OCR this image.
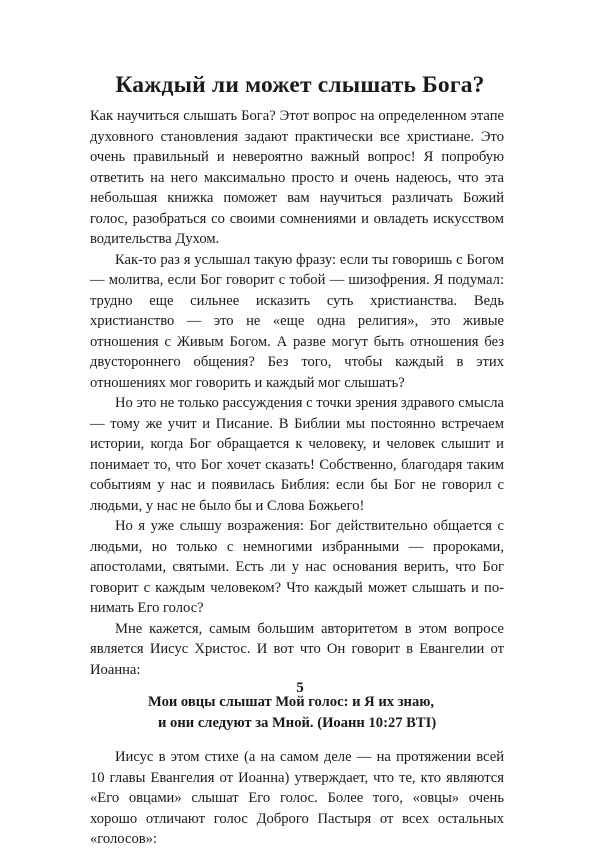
Каждый ли может слышать Бога?

Как научиться слышать Бога? Этот вопрос на определенном этапе духовного становления задают практически все христиане. Это очень правильный и невероятно важный вопрос! Я попробую ответить на него максимально просто и очень надеюсь, что эта небольшая книжка поможет вам научиться различать Божий голос, разобраться со своими сомнениями и овладеть искусством водительства Духом.

Как-то раз я услышал такую фразу: если ты говоришь с Богом — молитва, если Бог говорит с тобой — шизофрения. Я подумал: трудно еще сильнее исказить суть христианства. Ведь христианство — это не «еще одна религия», это живые отношения с Живым Богом. А разве могут быть отношения без двустороннего общения? Без того, чтобы каждый в этих отношениях мог говорить и каждый мог слышать?

Но это не только рассуждения с точки зрения здравого смысла — тому же учит и Писание. В Библии мы постоянно встречаем истории, когда Бог обращается к человеку, и человек слышит и понимает то, что Бог хочет сказать! Собственно, благодаря таким событиям у нас и появилась Библия: если бы Бог не говорил с людьми, у нас не было бы и Слова Божьего!

Но я уже слышу возражения: Бог действительно общается с людьми, но только с немногими избранными — пророками, апостолами, святыми. Есть ли у нас основания верить, что Бог говорит с каждым человеком? Что каждый может слышать и понимать Его голос?

Мне кажется, самым большим авторитетом в этом вопросе является Иисус Христос. И вот что Он говорит в Евангелии от Иоанна:

Мои овцы слышат Мой голос: и Я их знаю,
и они следуют за Мной. (Иоанн 10:27 BTI)

Иисус в этом стихе (а на самом деле — на протяжении всей 10 главы Евангелия от Иоанна) утверждает, что те, кто являются «Его овцами» слышат Его голос. Более того, «овцы» очень хорошо отличают голос Доброго Пастыря от всех остальных «голосов»:

5
